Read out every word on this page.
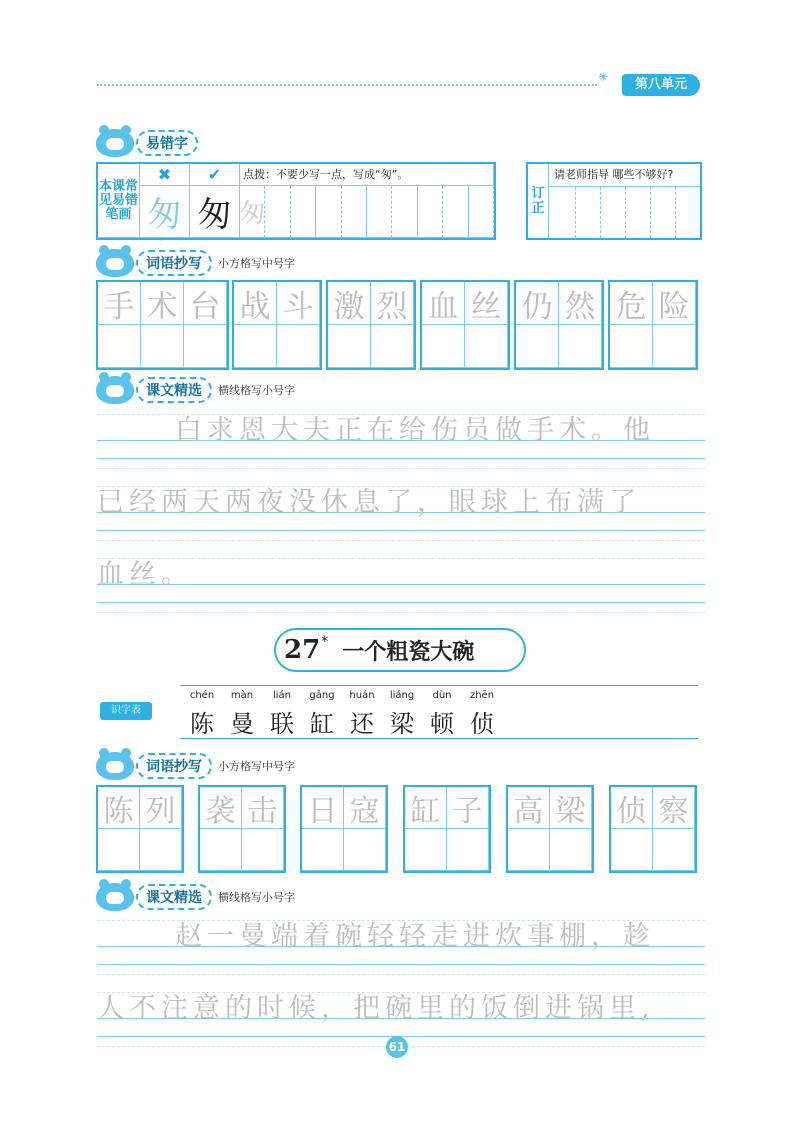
✳	第八单元
易错字
本课常见易错笔画
✖	✔	点拨：不要少写一点，写成“匆”。
匆 匆 匆
订正
请老师指导 哪些不够好?
词语抄写	小方格写中号字
手 术 台 战 斗 激 烈 血 丝 仍 然 危 险
课文精选	横线格写小号字
白求恩大夫正在给伤员做手术。他
已经两天两夜没休息了，眼球上布满了
血丝。
27 * 一个粗瓷大碗
识字表
chén
陈
màn
曼
lián
联
gāng
缸
huán
还
liáng
梁
dùn
顿
zhēn
侦
词语抄写	小方格写中号字
陈 列 袭 击 日 寇 缸 子 高 梁 侦 察
课文精选	横线格写小号字
赵一曼端着碗轻轻走进炊事棚，趁
人不注意的时候，把碗里的饭倒进锅里,
61
